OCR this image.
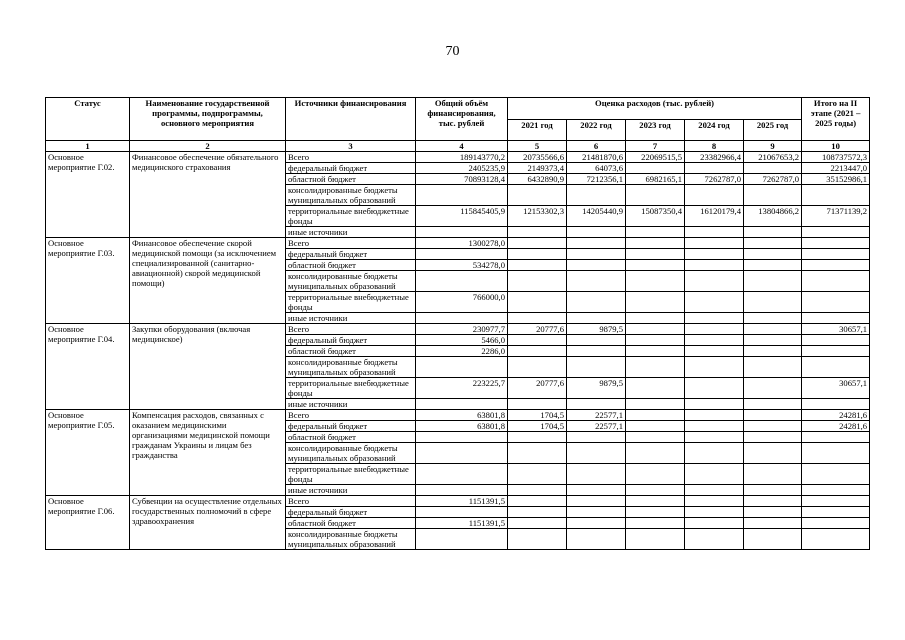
70
Статус	Наименование государственной программы, подпрограммы, основного мероприятия	Источники финансирования	Общий объём финансирования, тыс. рублей	Оценка расходов (тыс. рублей)					Итого на II этапе (2021 – 2025 годы)
				2021 год	2022 год	2023 год	2024 год	2025 год	
1	2	3	4	5	6	7	8	9	10
Основное мероприятие Г.02.	Финансовое обеспечение обязательного медицинского страхования	Всего	189143770,2	20735566,6	21481870,6	22069515,5	23382966,4	21067653,2	108737572,3
		федеральный бюджет	2405235,9	2149373,4	64073,6				2213447,0
		областной бюджет	70893128,4	6432890,9	7212356,1	6982165,1	7262787,0	7262787,0	35152986,1
		консолидированные бюджеты муниципальных образований							
		территориальные внебюджетные фонды	115845405,9	12153302,3	14205440,9	15087350,4	16120179,4	13804866,2	71371139,2
		иные источники							
Основное мероприятие Г.03.	Финансовое обеспечение скорой медицинской помощи (за исключением специализированной (санитарно-авиационной) скорой медицинской помощи)	Всего	1300278,0						
		федеральный бюджет							
		областной бюджет	534278,0						
		консолидированные бюджеты муниципальных образований							
		территориальные внебюджетные фонды	766000,0						
		иные источники							
Основное мероприятие Г.04.	Закупки оборудования (включая медицинское)	Всего	230977,7	20777,6	9879,5				30657,1
		федеральный бюджет	5466,0						
		областной бюджет	2286,0						
		консолидированные бюджеты муниципальных образований							
		территориальные внебюджетные фонды	223225,7	20777,6	9879,5				30657,1
		иные источники							
Основное мероприятие Г.05.	Компенсация расходов, связанных с оказанием медицинскими организациями медицинской помощи гражданам Украины и лицам без гражданства	Всего	63801,8	1704,5	22577,1				24281,6
		федеральный бюджет	63801,8	1704,5	22577,1				24281,6
		областной бюджет							
		консолидированные бюджеты муниципальных образований							
		территориальные внебюджетные фонды							
		иные источники							
Основное мероприятие Г.06.	Субвенции на осуществление отдельных государственных полномочий в сфере здравоохранения	Всего	1151391,5						
		федеральный бюджет							
		областной бюджет	1151391,5						
		консолидированные бюджеты муниципальных образований							
